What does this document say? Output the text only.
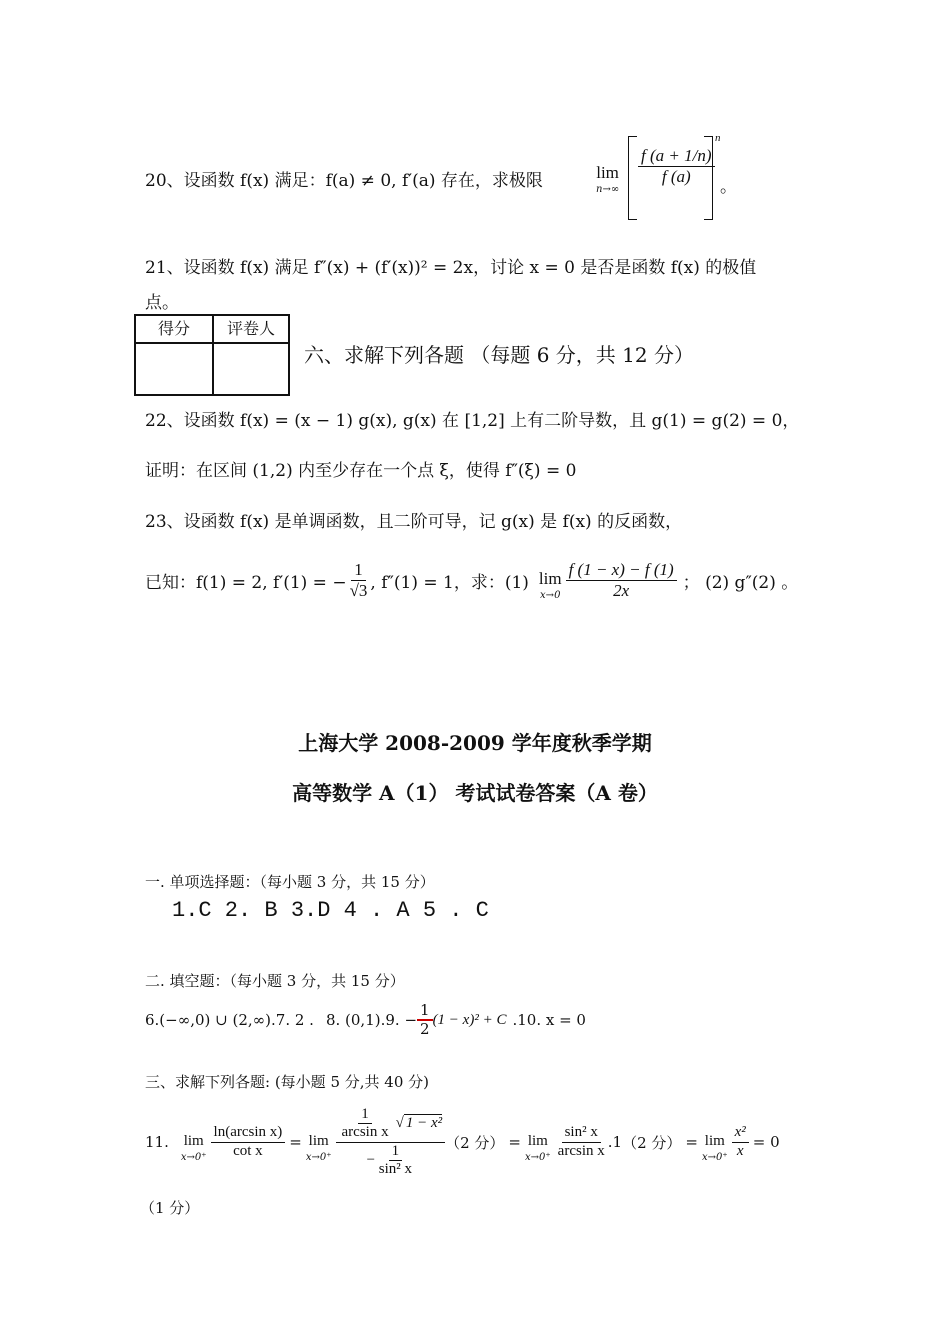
20、设函数 f(x) 满足：f(a) ≠ 0, f′(a) 存在，求极限	lim
n→∞
$\frac{f (a + 1/n)}{f (a)}$
n
。
21、设函数 f(x) 满足 f″(x) + (f′(x))² = 2x，讨论 x = 0 是否是函数 f(x) 的极值
点。
得分	评卷人
六、求解下列各题 （每题 6 分，共 12 分）
22、设函数 f(x) = (x − 1) g(x), g(x) 在 [1,2] 上有二阶导数，且 g(1) = g(2) = 0，
证明：在区间 (1,2) 内至少存在一个点 ξ，使得 f″(ξ) = 0
23、设函数 f(x) 是单调函数，且二阶可导，记 g(x) 是 f(x) 的反函数，
已知：f(1) = 2, f′(1) = − $\frac{1}{√3}$ , f″(1) = 1，求：(1) lim
$x\to 0 \frac{f (1 - x) - f (1)}{2x}$ ； (2) g″(2) 。
上海大学 2008-2009 学年度秋季学期
高等数学 A（1） 考试试卷答案（A 卷）
一. 单项选择题：（每小题 3 分，共 15 分）
1.C 2. B 3.D 4 . A 5 . C
二. 填空题：（每小题 3 分，共 15 分）
6.(−∞,0) ∪ (2,∞) .7. 2 . 8. (0,1) .9. − $\frac{1}{2} (1 - x)^2 + C$ .10. x = 0
三、求解下列各题: (每小题 5 分,共 40 分)
11. lim
$x\to 0^+ \frac{\text{ln(arcsin x)}}{\text{cot x}} = \lim$
$x\to 0^+ \frac{\frac{1}{\text{arcsin x}} √ 1 - x^2}{- \frac{1}{\text{sin² x}}} (2$ 分） = lim
$x\to 0^+ \frac{\text{sin² x}}{\text{arcsin x}} .1$ （2 分） = lim
$x\to 0^+ \frac{\text{x²}}{x} = 0$
（1 分）
